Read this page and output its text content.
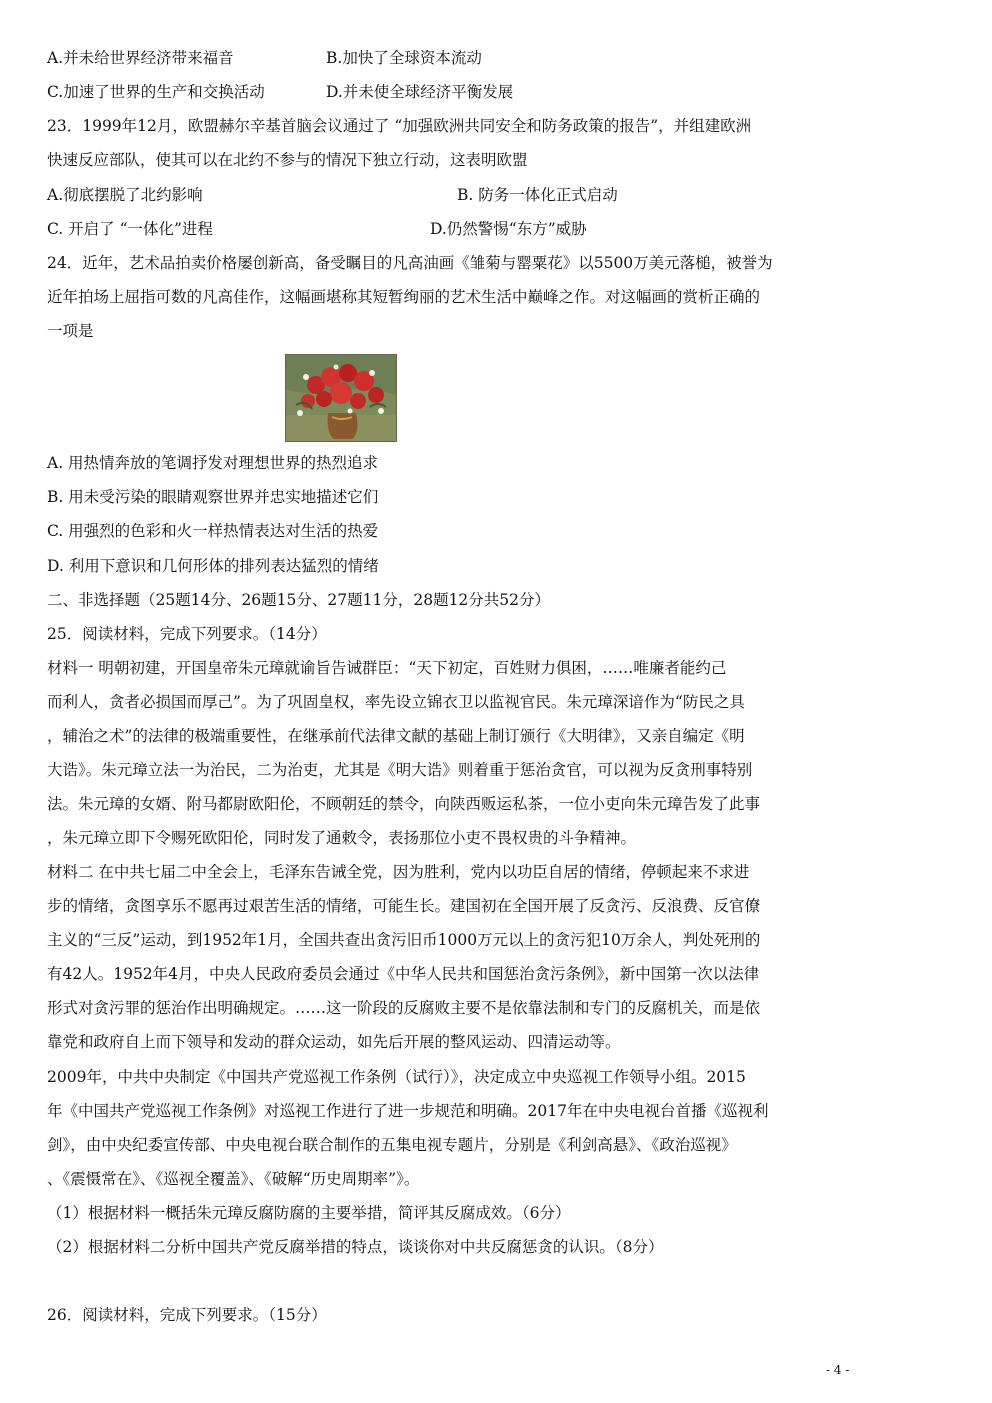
A.并未给世界经济带来福音	B.加快了全球资本流动
C.加速了世界的生产和交换活动	D.并未使全球经济平衡发展
23．1999年12月，欧盟赫尔辛基首脑会议通过了 “加强欧洲共同安全和防务政策的报告”，并组建欧洲
快速反应部队，使其可以在北约不参与的情况下独立行动，这表明欧盟
A.彻底摆脱了北约影响	B. 防务一体化正式启动
C. 开启了 “一体化”进程	D.仍然警惕“东方”威胁
24．近年，艺术品拍卖价格屡创新高，备受瞩目的凡高油画《雏菊与罂粟花》以5500万美元落槌，被誉为
近年拍场上屈指可数的凡高佳作，这幅画堪称其短暂绚丽的艺术生活中巅峰之作。对这幅画的赏析正确的
一项是
A. 用热情奔放的笔调抒发对理想世界的热烈追求
B. 用未受污染的眼睛观察世界并忠实地描述它们
C. 用强烈的色彩和火一样热情表达对生活的热爱
D. 利用下意识和几何形体的排列表达猛烈的情绪
二、非选择题（25题14分、26题15分、27题11分，28题12分共52分）
25．阅读材料，完成下列要求。（14分）
材料一 明朝初建，开国皇帝朱元璋就谕旨告诫群臣：“天下初定，百姓财力俱困，……唯廉者能约己
而利人，贪者必损国而厚己”。为了巩固皇权，率先设立锦衣卫以监视官民。朱元璋深谙作为“防民之具
，辅治之术”的法律的极端重要性，在继承前代法律文献的基础上制订颁行《大明律》，又亲自编定《明
大诰》。朱元璋立法一为治民，二为治吏，尤其是《明大诰》则着重于惩治贪官，可以视为反贪刑事特别
法。朱元璋的女婿、附马都尉欧阳伦，不顾朝廷的禁令，向陕西贩运私茶，一位小吏向朱元璋告发了此事
，朱元璋立即下令赐死欧阳伦，同时发了通敕令，表扬那位小吏不畏权贵的斗争精神。
材料二 在中共七届二中全会上，毛泽东告诫全党，因为胜利，党内以功臣自居的情绪，停顿起来不求进
步的情绪，贪图享乐不愿再过艰苦生活的情绪，可能生长。建国初在全国开展了反贪污、反浪费、反官僚
主义的“三反”运动，到1952年1月，全国共查出贪污旧币1000万元以上的贪污犯10万余人，判处死刑的
有42人。1952年4月，中央人民政府委员会通过《中华人民共和国惩治贪污条例》，新中国第一次以法律
形式对贪污罪的惩治作出明确规定。……这一阶段的反腐败主要不是依靠法制和专门的反腐机关，而是依
靠党和政府自上而下领导和发动的群众运动，如先后开展的整风运动、四清运动等。
2009年，中共中央制定《中国共产党巡视工作条例（试行）》，决定成立中央巡视工作领导小组。2015
年《中国共产党巡视工作条例》对巡视工作进行了进一步规范和明确。2017年在中央电视台首播《巡视利
剑》，由中央纪委宣传部、中央电视台联合制作的五集电视专题片，分别是《利剑高悬》、《政治巡视》
、《震慑常在》、《巡视全覆盖》、《破解“历史周期率”》。
（1）根据材料一概括朱元璋反腐防腐的主要举措，简评其反腐成效。（6分）
（2）根据材料二分析中国共产党反腐举措的特点，谈谈你对中共反腐惩贪的认识。（8分）
26．阅读材料，完成下列要求。（15分）
- 4 -
